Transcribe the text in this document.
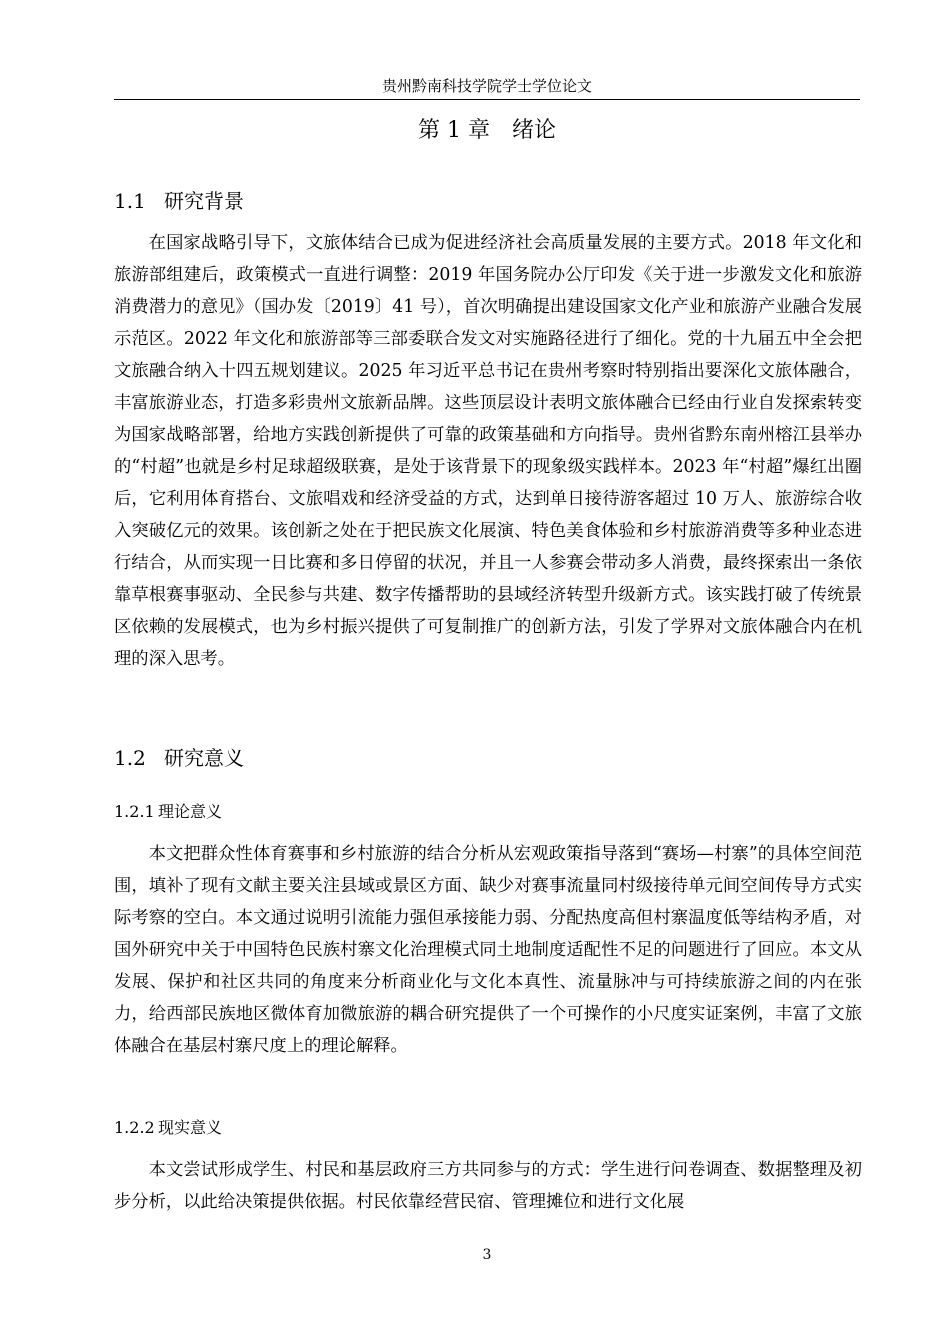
贵州黔南科技学院学士学位论文
第 1 章　绪论
1.1 研究背景

在国家战略引导下，文旅体结合已成为促进经济社会高质量发展的主要方式。2018 年文化和旅游部组建后，政策模式一直进行调整：2019 年国务院办公厅印发《关于进一步激发文化和旅游消费潜力的意见》（国办发〔2019〕41 号），首次明确提出建设国家文化产业和旅游产业融合发展示范区。2022 年文化和旅游部等三部委联合发文对实施路径进行了细化。党的十九届五中全会把文旅融合纳入十四五规划建议。2025 年习近平总书记在贵州考察时特别指出要深化文旅体融合，丰富旅游业态，打造多彩贵州文旅新品牌。这些顶层设计表明文旅体融合已经由行业自发探索转变为国家战略部署，给地方实践创新提供了可靠的政策基础和方向指导。贵州省黔东南州榕江县举办的“村超”也就是乡村足球超级联赛，是处于该背景下的现象级实践样本。2023 年“村超”爆红出圈后，它利用体育搭台、文旅唱戏和经济受益的方式，达到单日接待游客超过 10 万人、旅游综合收入突破亿元的效果。该创新之处在于把民族文化展演、特色美食体验和乡村旅游消费等多种业态进行结合，从而实现一日比赛和多日停留的状况，并且一人参赛会带动多人消费，最终探索出一条依靠草根赛事驱动、全民参与共建、数字传播帮助的县域经济转型升级新方式。该实践打破了传统景区依赖的发展模式，也为乡村振兴提供了可复制推广的创新方法，引发了学界对文旅体融合内在机理的深入思考。

1.2 研究意义
1.2.1 理论意义

本文把群众性体育赛事和乡村旅游的结合分析从宏观政策指导落到“赛场—村寨”的具体空间范围，填补了现有文献主要关注县域或景区方面、缺少对赛事流量同村级接待单元间空间传导方式实际考察的空白。本文通过说明引流能力强但承接能力弱、分配热度高但村寨温度低等结构矛盾，对国外研究中关于中国特色民族村寨文化治理模式同土地制度适配性不足的问题进行了回应。本文从发展、保护和社区共同的角度来分析商业化与文化本真性、流量脉冲与可持续旅游之间的内在张力，给西部民族地区微体育加微旅游的耦合研究提供了一个可操作的小尺度实证案例，丰富了文旅体融合在基层村寨尺度上的理论解释。

1.2.2 现实意义

本文尝试形成学生、村民和基层政府三方共同参与的方式：学生进行问卷调查、数据整理及初步分析，以此给决策提供依据。村民依靠经营民宿、管理摊位和进行文化展

3
